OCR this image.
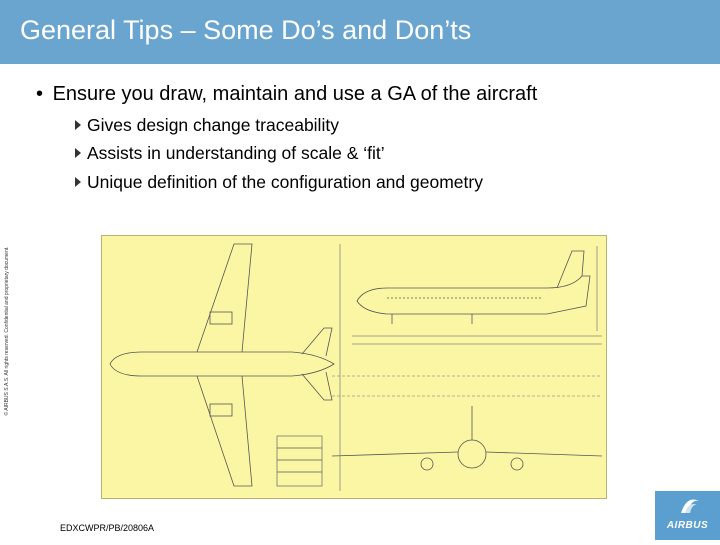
General Tips – Some Do’s and Don’ts
• Ensure you draw, maintain and use a GA of the aircraft
Gives design change traceability
Assists in understanding of scale & ‘fit’
Unique definition of the configuration and geometry
© AIRBUS S.A.S. All rights reserved. Confidential and proprietary document.
EDXCWPR/PB/20806A	AIRBUS
